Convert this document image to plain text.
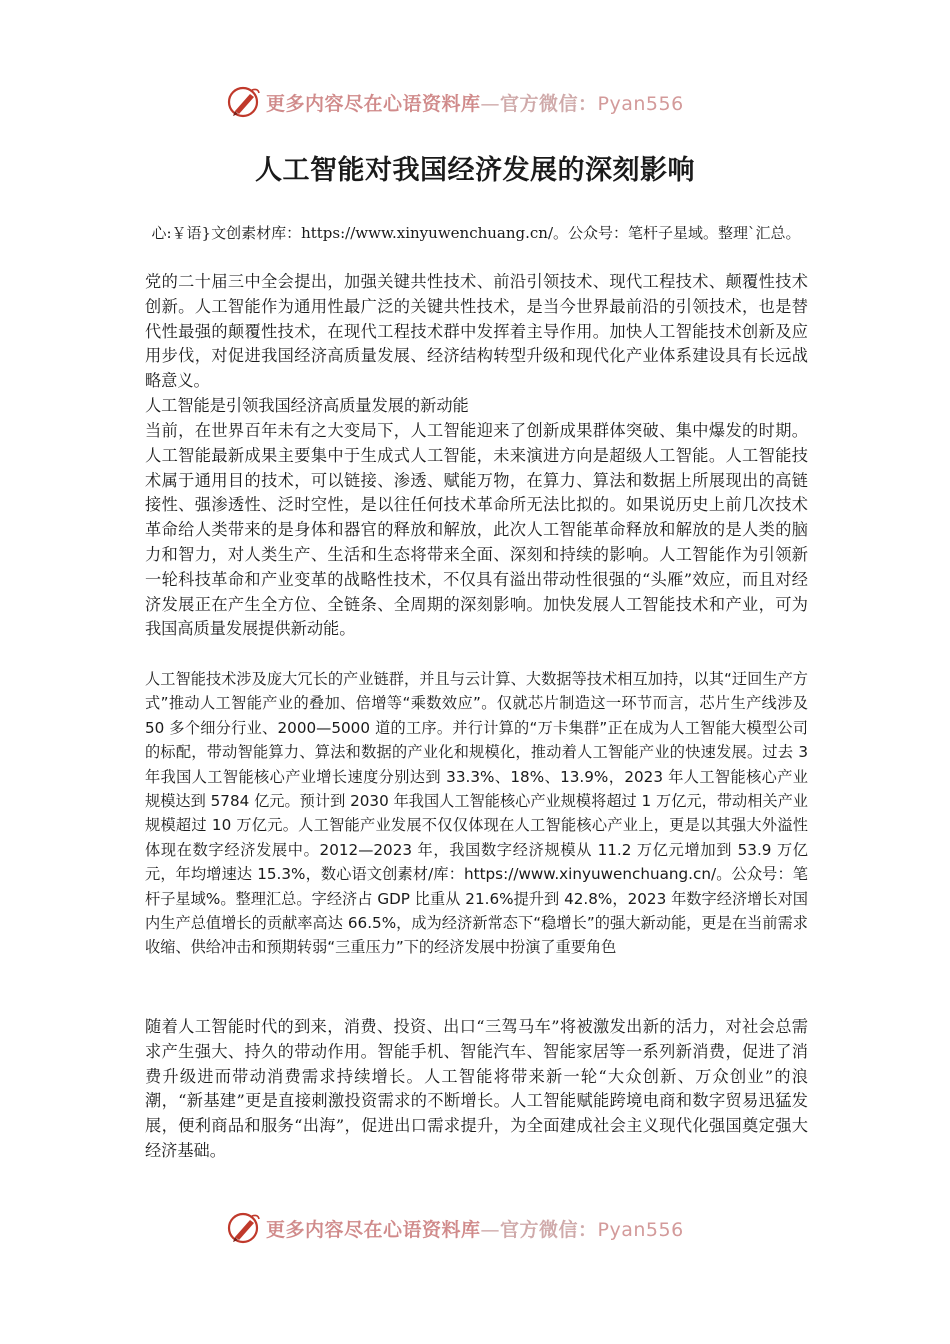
更多内容尽在心语资料库—官方微信：Pyan556
人工智能对我国经济发展的深刻影响

心:￥语}文创素材库：https://www.xinyuwenchuang.cn/。公众号：笔杆子星域。整理`汇总。

党的二十届三中全会提出，加强关键共性技术、前沿引领技术、现代工程技术、颠覆性技术创新。人工智能作为通用性最广泛的关键共性技术，是当今世界最前沿的引领技术，也是替代性最强的颠覆性技术，在现代工程技术群中发挥着主导作用。加快人工智能技术创新及应用步伐，对促进我国经济高质量发展、经济结构转型升级和现代化产业体系建设具有长远战略意义。

人工智能是引领我国经济高质量发展的新动能

当前，在世界百年未有之大变局下，人工智能迎来了创新成果群体突破、集中爆发的时期。人工智能最新成果主要集中于生成式人工智能，未来演进方向是超级人工智能。人工智能技术属于通用目的技术，可以链接、渗透、赋能万物，在算力、算法和数据上所展现出的高链接性、强渗透性、泛时空性，是以往任何技术革命所无法比拟的。如果说历史上前几次技术革命给人类带来的是身体和器官的释放和解放，此次人工智能革命释放和解放的是人类的脑力和智力，对人类生产、生活和生态将带来全面、深刻和持续的影响。人工智能作为引领新一轮科技革命和产业变革的战略性技术，不仅具有溢出带动性很强的“头雁”效应，而且对经济发展正在产生全方位、全链条、全周期的深刻影响。加快发展人工智能技术和产业，可为我国高质量发展提供新动能。

人工智能技术涉及庞大冗长的产业链群，并且与云计算、大数据等技术相互加持，以其“迂回生产方式”推动人工智能产业的叠加、倍增等“乘数效应”。仅就芯片制造这一环节而言，芯片生产线涉及 50 多个细分行业、2000—5000 道的工序。并行计算的“万卡集群”正在成为人工智能大模型公司的标配，带动智能算力、算法和数据的产业化和规模化，推动着人工智能产业的快速发展。过去 3 年我国人工智能核心产业增长速度分别达到 33.3%、18%、13.9%，2023 年人工智能核心产业规模达到 5784 亿元。预计到 2030 年我国人工智能核心产业规模将超过 1 万亿元，带动相关产业规模超过 10 万亿元。人工智能产业发展不仅仅体现在人工智能核心产业上，更是以其强大外溢性体现在数字经济发展中。2012—2023 年，我国数字经济规模从 11.2 万亿元增加到 53.9 万亿元，年均增速达 15.3%，数心语文创素材/库：https://www.xinyuwenchuang.cn/。公众号：笔杆子星域%。整理汇总。字经济占 GDP 比重从 21.6%提升到 42.8%，2023 年数字经济增长对国内生产总值增长的贡献率高达 66.5%，成为经济新常态下“稳增长”的强大新动能，更是在当前需求收缩、供给冲击和预期转弱“三重压力”下的经济发展中扮演了重要角色

随着人工智能时代的到来，消费、投资、出口“三驾马车”将被激发出新的活力，对社会总需求产生强大、持久的带动作用。智能手机、智能汽车、智能家居等一系列新消费，促进了消费升级进而带动消费需求持续增长。人工智能将带来新一轮“大众创新、万众创业”的浪潮，“新基建”更是直接刺激投资需求的不断增长。人工智能赋能跨境电商和数字贸易迅猛发展，便利商品和服务“出海”，促进出口需求提升，为全面建成社会主义现代化强国奠定强大经济基础。

更多内容尽在心语资料库—官方微信：Pyan556
